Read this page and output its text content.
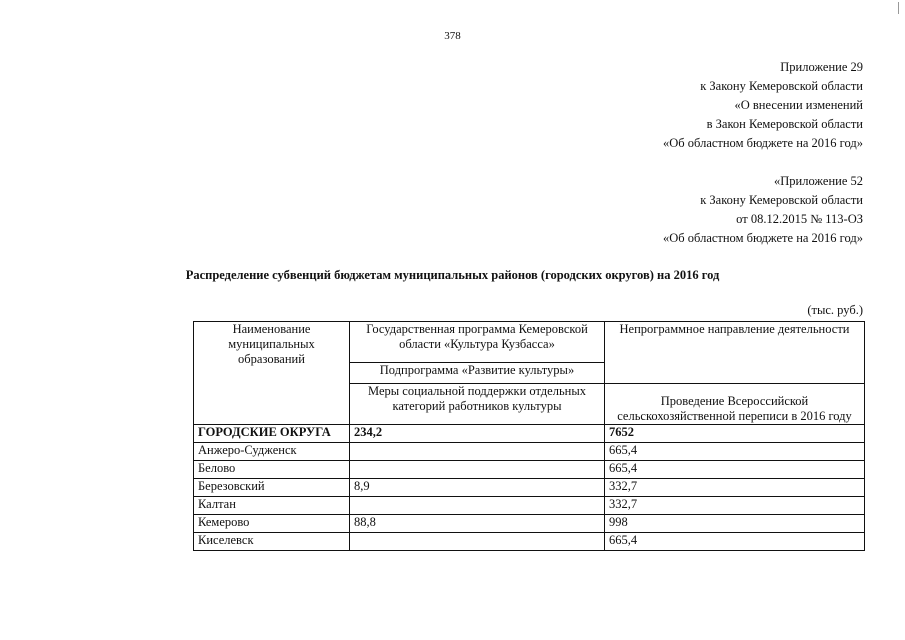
378
Приложение 29
к Закону Кемеровской области
«О внесении изменений
в Закон Кемеровской области
«Об областном бюджете на 2016 год»
«Приложение 52
к Закону Кемеровской области
от 08.12.2015 № 113-ОЗ
«Об областном бюджете на 2016 год»
Распределение субвенций бюджетам муниципальных районов (городских округов) на 2016 год
(тыс. руб.)
Наименование муниципальных образований	Государственная программа Кемеровской области «Культура Кузбасса»	Непрограммное направление деятельности
	Подпрограмма «Развитие культуры»	
	Меры социальной поддержки отдельных категорий работников культуры	Проведение Всероссийской сельскохозяйственной переписи в 2016 году
ГОРОДСКИЕ ОКРУГА	234,2	7652
Анжеро-Судженск		665,4
Белово		665,4
Березовский	8,9	332,7
Калтан		332,7
Кемерово	88,8	998
Киселевск		665,4
